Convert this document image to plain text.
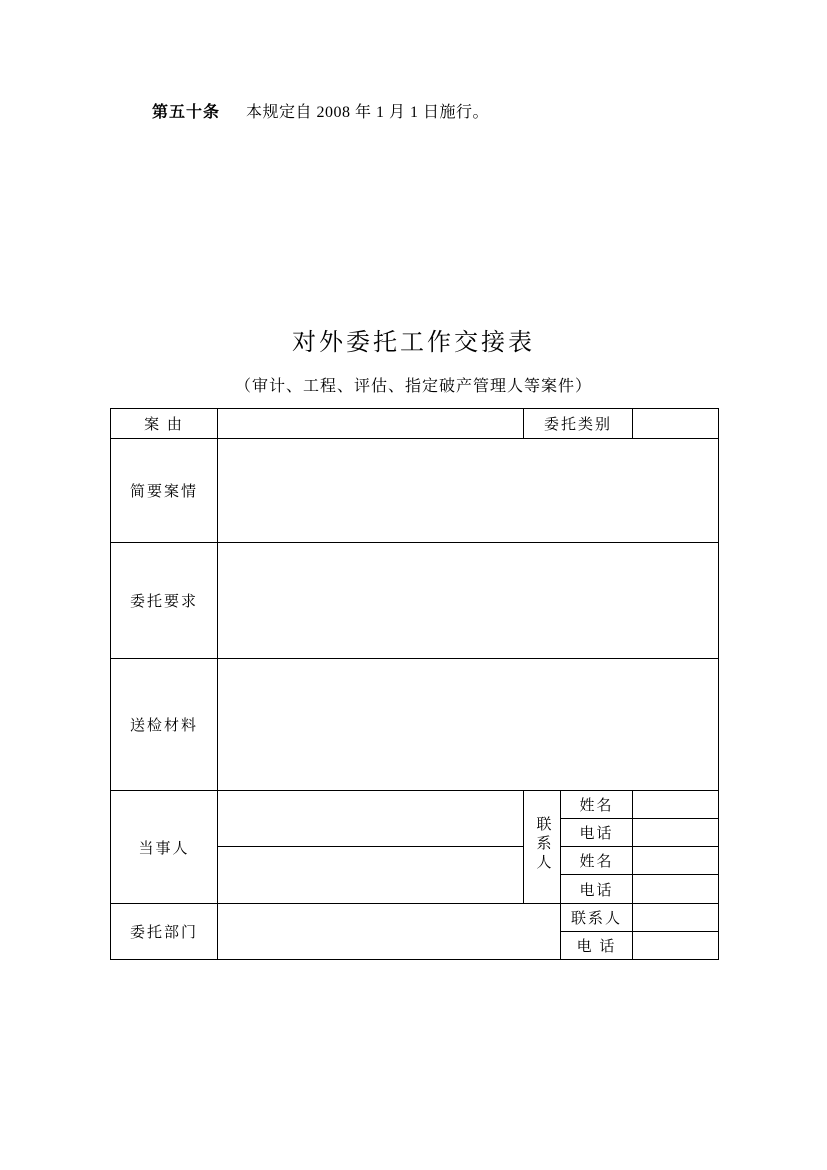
第五十条 本规定自 2008 年 1 月 1 日施行。
对外委托工作交接表
（审计、工程、评估、指定破产管理人等案件）
案 由		委托类别		
简要案情				
委托要求				
送检材料				
当事人		联系人	姓名	
			电话	
			姓名	
			电话	
委托部门			联系人	
			电 话	
